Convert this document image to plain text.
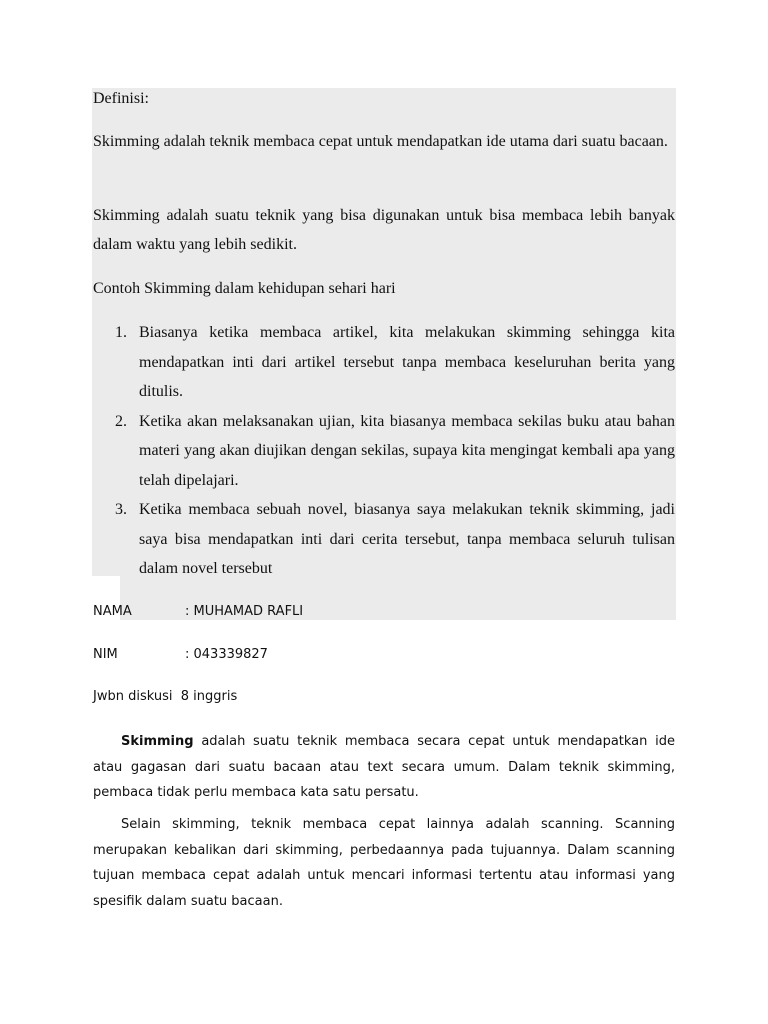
Definisi:
Skimming adalah teknik membaca cepat untuk mendapatkan ide utama dari suatu bacaan.
Skimming adalah suatu teknik yang bisa digunakan untuk bisa membaca lebih banyak dalam waktu yang lebih sedikit.
Contoh Skimming dalam kehidupan sehari hari
1. Biasanya ketika membaca artikel, kita melakukan skimming sehingga kita mendapatkan inti dari artikel tersebut tanpa membaca keseluruhan berita yang ditulis.
2. Ketika akan melaksanakan ujian, kita biasanya membaca sekilas buku atau bahan materi yang akan diujikan dengan sekilas, supaya kita mengingat kembali apa yang telah dipelajari.
3. Ketika membaca sebuah novel, biasanya saya melakukan teknik skimming, jadi saya bisa mendapatkan inti dari cerita tersebut, tanpa membaca seluruh tulisan dalam novel tersebut
NAMA	: MUHAMAD RAFLI
NIM	: 043339827
Jwbn diskusi  8 inggris
Skimming adalah suatu teknik membaca secara cepat untuk mendapatkan ide atau gagasan dari suatu bacaan atau text secara umum. Dalam teknik skimming, pembaca tidak perlu membaca kata satu persatu.
Selain skimming, teknik membaca cepat lainnya adalah scanning. Scanning merupakan kebalikan dari skimming, perbedaannya pada tujuannya. Dalam scanning tujuan membaca cepat adalah untuk mencari informasi tertentu atau informasi yang spesifik dalam suatu bacaan.
